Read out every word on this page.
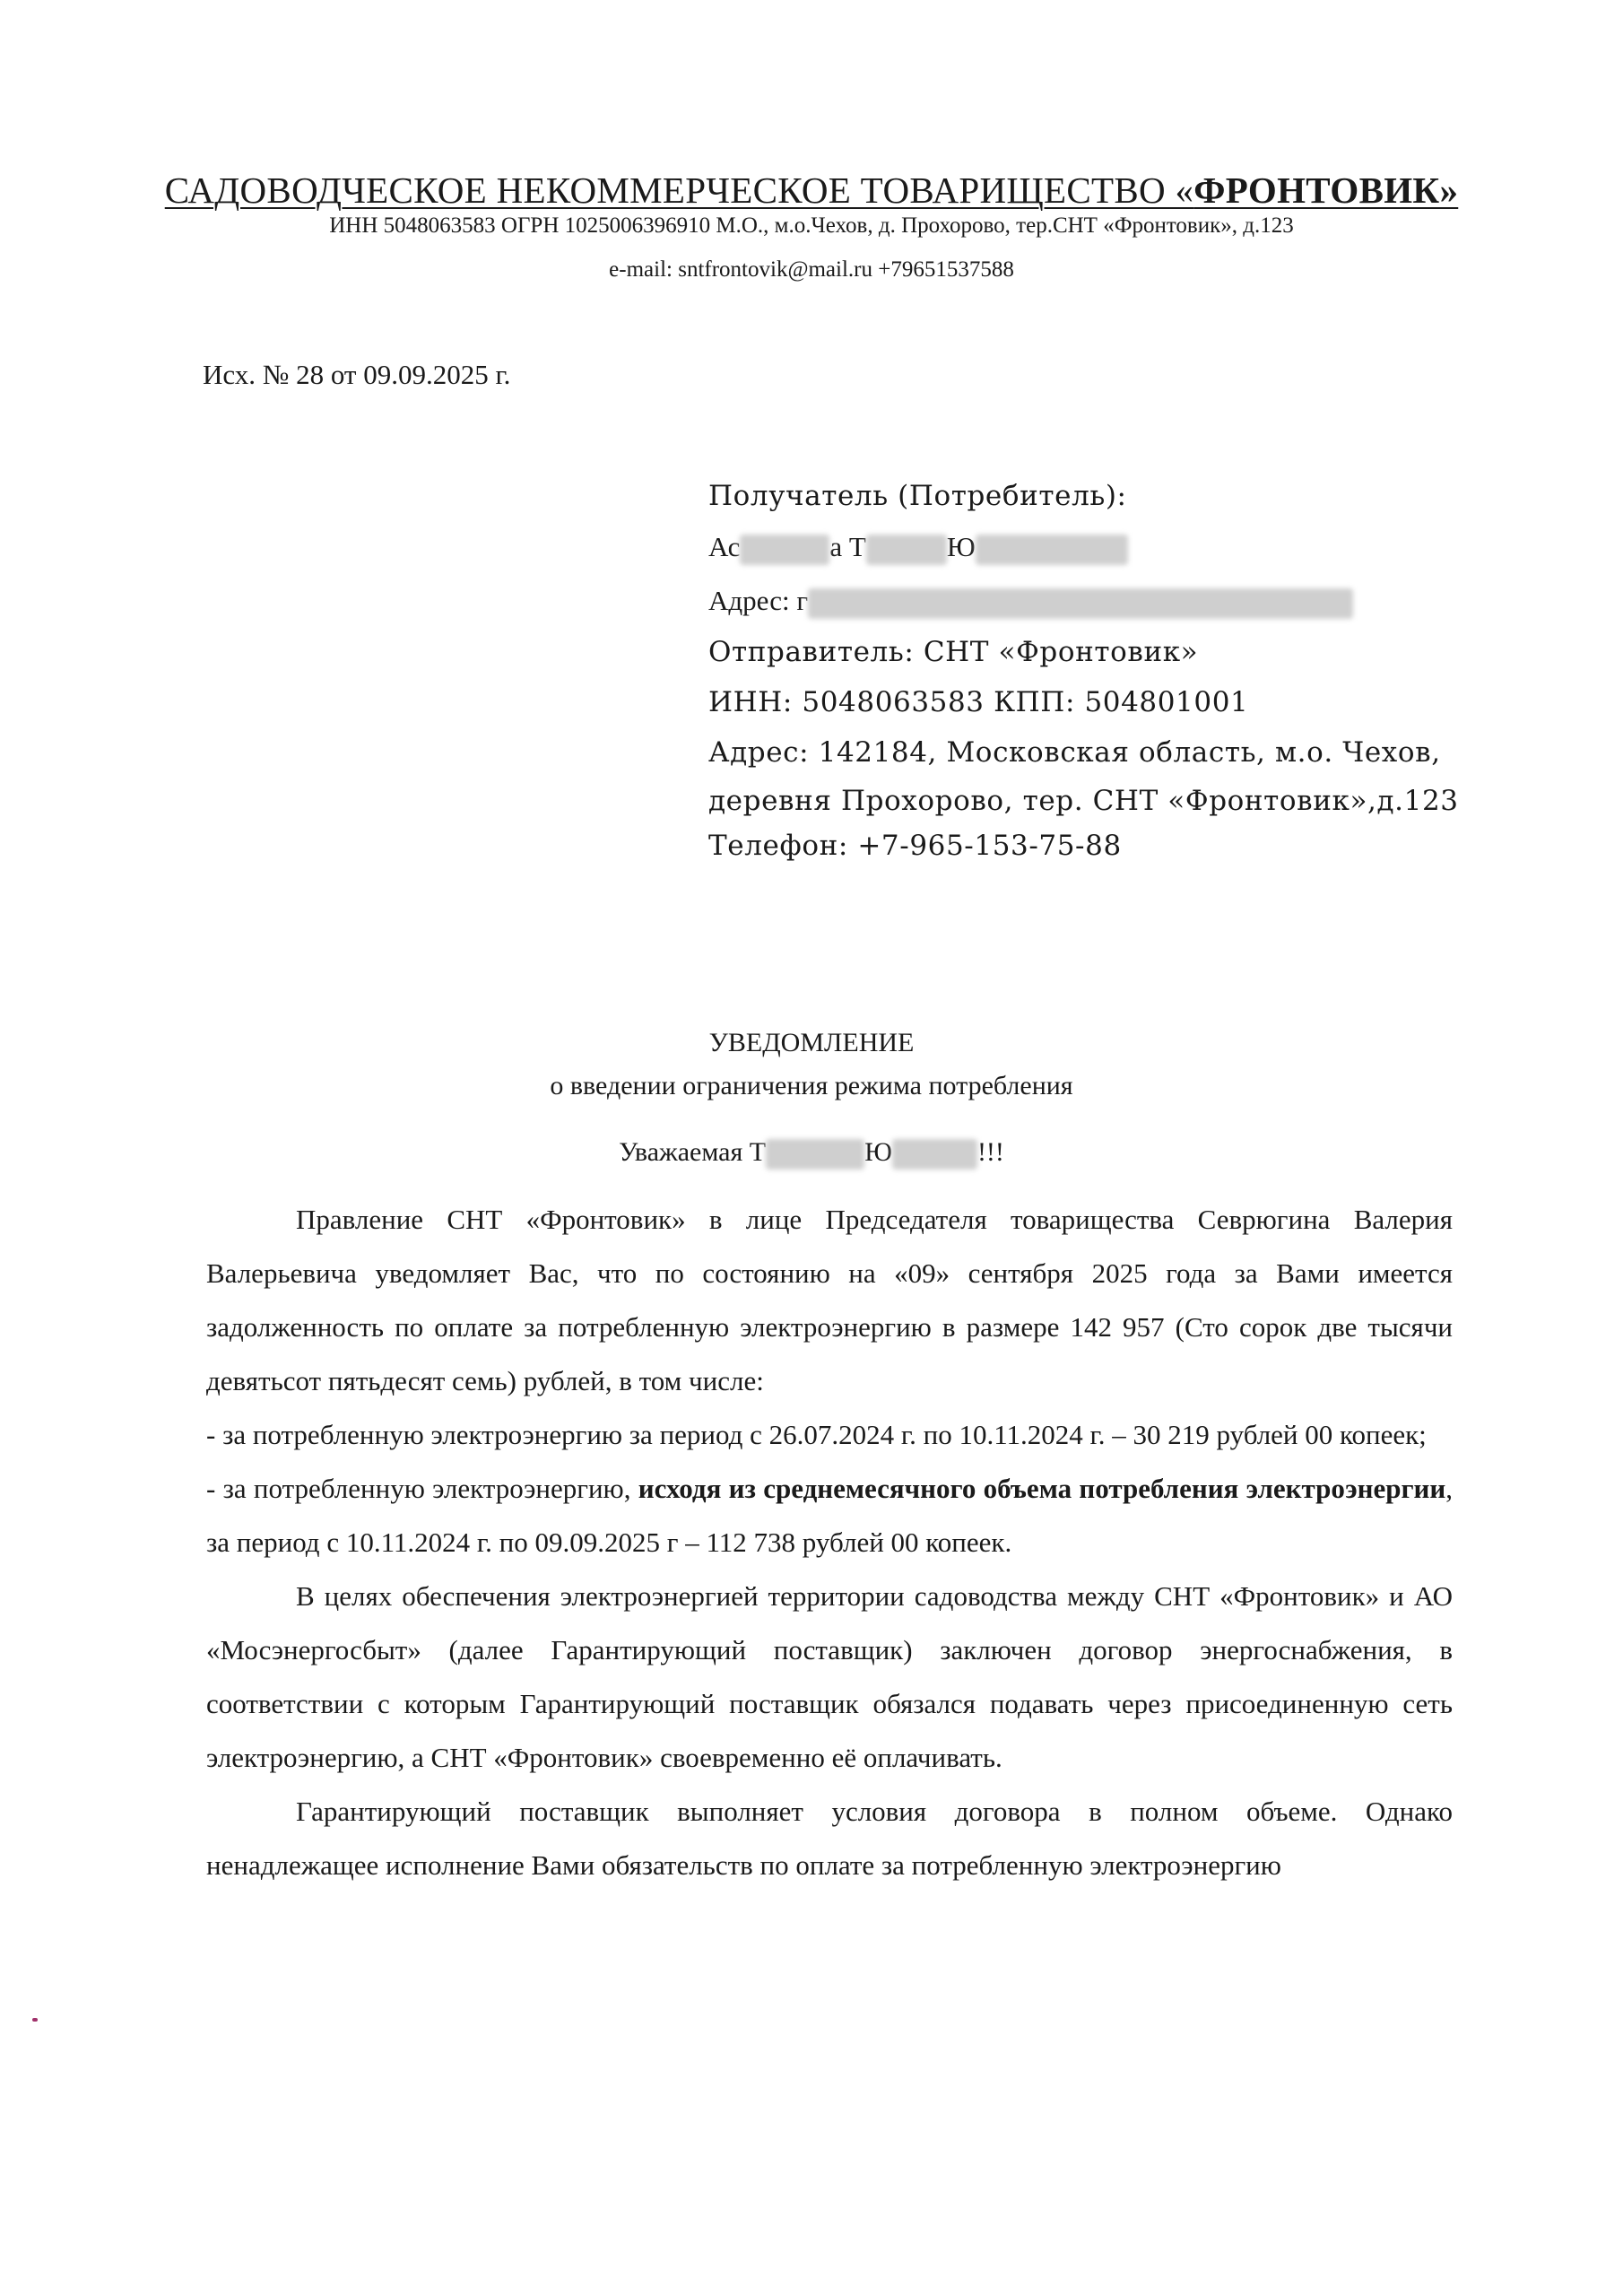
САДОВОДЧЕСКОЕ НЕКОММЕРЧЕСКОЕ ТОВАРИЩЕСТВО «ФРОНТОВИК»
ИНН 5048063583 ОГРН 1025006396910 М.О., м.о.Чехов, д. Прохорово, тер.СНТ «Фронтовик», д.123
e-mail: sntfrontovik@mail.ru +79651537588
Исх. № 28 от 09.09.2025 г.
Получатель (Потребитель):
Ас	а Т	Ю
Адрес: г
Отправитель: СНТ «Фронтовик»
ИНН: 5048063583 КПП: 504801001
Адрес: 142184, Московская область, м.о. Чехов,
деревня Прохорово, тер. СНТ «Фронтовик»,д.123
Телефон: +7-965-153-75-88
УВЕДОМЛЕНИЕ
о введении ограничения режима потребления
Уважаемая Т	Ю	!!!

Правление СНТ «Фронтовик» в лице Председателя товарищества Севрюгина Валерия Валерьевича уведомляет Вас, что по состоянию на «09» сентября 2025 года за Вами имеется задолженность по оплате за потребленную электроэнергию в размере 142 957 (Сто сорок две тысячи девятьсот пятьдесят семь) рублей, в том числе:

- за потребленную электроэнергию за период с 26.07.2024 г. по 10.11.2024 г. – 30 219 рублей 00 копеек;

- за потребленную электроэнергию, исходя из среднемесячного объема потребления электроэнергии, за период с 10.11.2024 г. по 09.09.2025 г – 112 738 рублей 00 копеек.

В целях обеспечения электроэнергией территории садоводства между СНТ «Фронтовик» и АО «Мосэнергосбыт» (далее Гарантирующий поставщик) заключен договор энергоснабжения, в соответствии с которым Гарантирующий поставщик обязался подавать через присоединенную сеть электроэнергию, а СНТ «Фронтовик» своевременно её оплачивать.

Гарантирующий поставщик выполняет условия договора в полном объеме. Однако ненадлежащее исполнение Вами обязательств по оплате за потребленную электроэнергию
